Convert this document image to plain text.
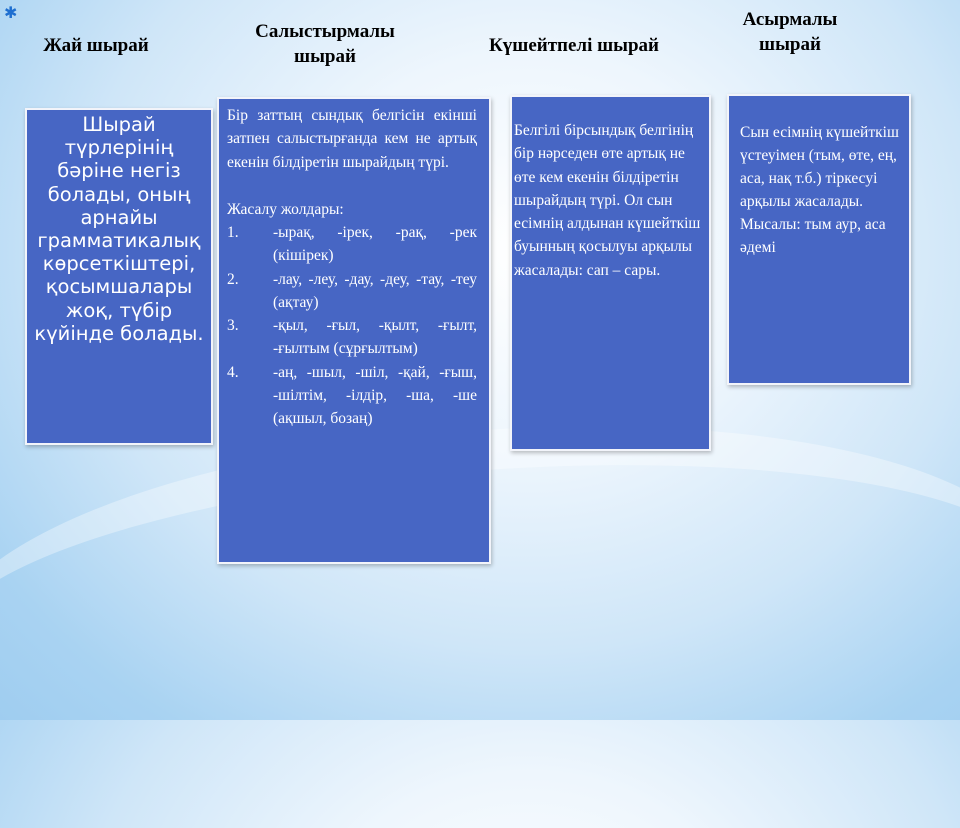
✱
Жай шырай
Салыстырмалы шырай
Күшейтпелі шырай
Асырмалы шырай
Шырай түрлерінің бәріне негіз болады, оның арнайы грамматикалық көрсеткіштері, қосымшалары жоқ, түбір күйінде болады.

Бір заттың сындық белгісін екінші затпен салыстырғанда кем не артық екенін білдіретін шырайдың түрі.

Жасалу жолдары:

1.	-ырақ, -ірек, -рақ, -рек (кішірек)
2.	-лау, -леу, -дау, -деу, -тау, -теу (ақтау)
3.	-қыл, -ғыл, -қылт, -ғылт, -ғылтым (сұрғылтым)
4.	-аң, -шыл, -шіл, -қай, -ғыш, -шілтім, -ілдір, -ша, -ше (ақшыл, бозаң)
Белгілі бірсындық белгінің бір нәрседен өте артық не өте кем екенін білдіретін шырайдың түрі. Ол сын есімнің алдынан күшейткіш буынның қосылуы арқылы жасалады: сап – сары.
Сын есімнің күшейткіш үстеуімен (тым, өте, ең, аса, нақ т.б.) тіркесуі арқылы жасалады. Мысалы: тым аур, аса әдемі
